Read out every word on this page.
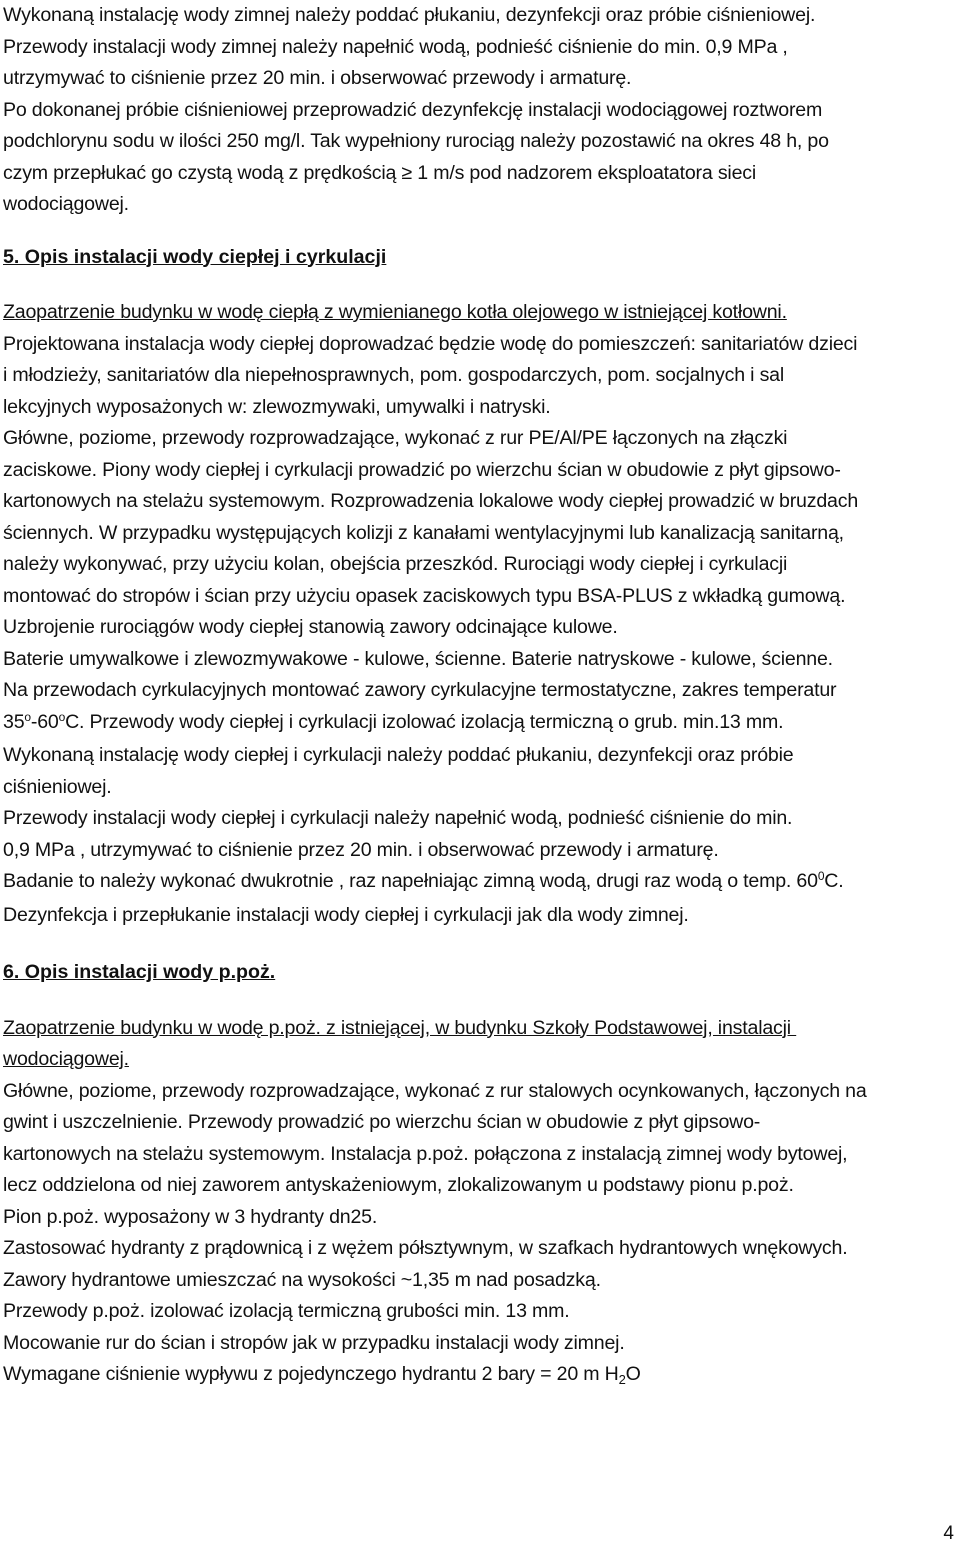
Wykonaną instalację wody zimnej należy poddać płukaniu, dezynfekcji oraz próbie ciśnieniowej.
Przewody instalacji wody zimnej należy napełnić wodą, podnieść ciśnienie do min. 0,9 MPa ,
utrzymywać to ciśnienie przez 20 min. i obserwować przewody i armaturę.
Po dokonanej próbie ciśnieniowej przeprowadzić dezynfekcję instalacji wodociągowej roztworem
podchlorynu sodu w ilości 250 mg/l. Tak wypełniony rurociąg należy pozostawić na okres 48 h, po
czym przepłukać go czystą wodą z prędkością ≥ 1 m/s pod nadzorem eksploatatora sieci
wodociągowej.
5. Opis instalacji wody ciepłej i cyrkulacji
Zaopatrzenie budynku w wodę ciepłą z wymienianego kotła olejowego w istniejącej kotłowni.
Projektowana instalacja wody ciepłej doprowadzać będzie wodę do pomieszczeń: sanitariatów dzieci
i młodzieży, sanitariatów dla niepełnosprawnych, pom. gospodarczych, pom. socjalnych i sal
lekcyjnych wyposażonych w: zlewozmywaki, umywalki i natryski.
Główne, poziome, przewody rozprowadzające, wykonać z rur PE/Al/PE łączonych na złączki
zaciskowe. Piony wody ciepłej i cyrkulacji prowadzić po wierzchu ścian w obudowie z płyt gipsowo-
kartonowych na stelażu systemowym. Rozprowadzenia lokalowe wody ciepłej prowadzić w bruzdach
ściennych. W przypadku występujących kolizji z kanałami wentylacyjnymi lub kanalizacją sanitarną,
należy wykonywać, przy użyciu kolan, obejścia przeszkód. Rurociągi wody ciepłej i cyrkulacji
montować do stropów i ścian przy użyciu opasek zaciskowych typu BSA-PLUS z wkładką gumową.
Uzbrojenie rurociągów wody ciepłej stanowią zawory odcinające kulowe.
Baterie umywalkowe i zlewozmywakowe - kulowe, ścienne. Baterie natryskowe - kulowe, ścienne.
Na przewodach cyrkulacyjnych montować zawory cyrkulacyjne termostatyczne, zakres temperatur
35$^o$-60$^o$C. Przewody wody ciepłej i cyrkulacji izolować izolacją termiczną o grub. min.13 mm.
Wykonaną instalację wody ciepłej i cyrkulacji należy poddać płukaniu, dezynfekcji oraz próbie
ciśnieniowej.
Przewody instalacji wody ciepłej i cyrkulacji należy napełnić wodą, podnieść ciśnienie do min.
0,9 MPa , utrzymywać to ciśnienie przez 20 min. i obserwować przewody i armaturę.
Badanie to należy wykonać dwukrotnie , raz napełniając zimną wodą, drugi raz wodą o temp. $60^0C$.
Dezynfekcja i przepłukanie instalacji wody ciepłej i cyrkulacji jak dla wody zimnej.
6. Opis instalacji wody p.poż.
Zaopatrzenie budynku w wodę p.poż. z istniejącej, w budynku Szkoły Podstawowej, instalacji
wodociągowej.
Główne, poziome, przewody rozprowadzające, wykonać z rur stalowych ocynkowanych, łączonych na
gwint i uszczelnienie. Przewody prowadzić po wierzchu ścian w obudowie z płyt gipsowo-
kartonowych na stelażu systemowym. Instalacja p.poż. połączona z instalacją zimnej wody bytowej,
lecz oddzielona od niej zaworem antyskażeniowym, zlokalizowanym u podstawy pionu p.poż.
Pion p.poż. wyposażony w 3 hydranty dn25.
Zastosować hydranty z prądownicą i z wężem półsztywnym, w szafkach hydrantowych wnękowych.
Zawory hydrantowe umieszczać na wysokości ~1,35 m nad posadzką.
Przewody p.poż. izolować izolacją termiczną grubości min. 13 mm.
Mocowanie rur do ścian i stropów jak w przypadku instalacji wody zimnej.
Wymagane ciśnienie wypływu z pojedynczego hydrantu 2 bary = 20 m $H_2O$
4
